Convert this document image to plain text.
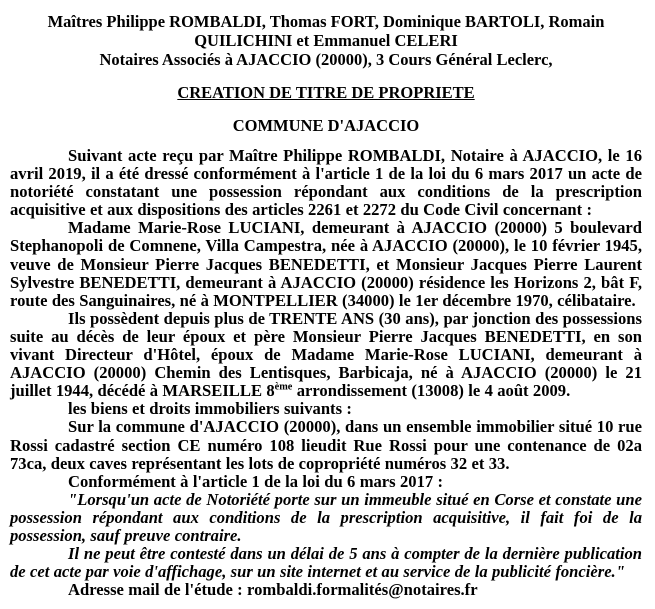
Maîtres Philippe ROMBALDI, Thomas FORT, Dominique BARTOLI, Romain
QUILICHINI et Emmanuel CELERI
Notaires Associés à AJACCIO (20000), 3 Cours Général Leclerc,
CREATION DE TITRE DE PROPRIETE
COMMUNE D'AJACCIO

Suivant acte reçu par Maître Philippe ROMBALDI, Notaire à AJACCIO, le 16 avril 2019, il a été dressé conformément à l'article 1 de la loi du 6 mars 2017 un acte de notoriété constatant une possession répondant aux conditions de la prescription acquisitive et aux dispositions des articles 2261 et 2272 du Code Civil concernant :

Madame Marie-Rose LUCIANI, demeurant à AJACCIO (20000) 5 boulevard Stephanopoli de Comnene, Villa Campestra, née à AJACCIO (20000), le 10 février 1945, veuve de Monsieur Pierre Jacques BENEDETTI, et Monsieur Jacques Pierre Laurent Sylvestre BENEDETTI, demeurant à AJACCIO (20000) résidence les Horizons 2, bât F, route des Sanguinaires, né à MONTPELLIER (34000) le 1er décembre 1970, célibataire.

Ils possèdent depuis plus de TRENTE ANS (30 ans), par jonction des possessions suite au décès de leur époux et père Monsieur Pierre Jacques BENEDETTI, en son vivant Directeur d'Hôtel, époux de Madame Marie-Rose LUCIANI, demeurant à AJACCIO (20000) Chemin des Lentisques, Barbicaja, né à AJACCIO (20000) le 21 juillet 1944, décédé à MARSEILLE 8ème arrondissement (13008) le 4 août 2009.

les biens et droits immobiliers suivants :

Sur la commune d'AJACCIO (20000), dans un ensemble immobilier situé 10 rue Rossi cadastré section CE numéro 108 lieudit Rue Rossi pour une contenance de 02a 73ca, deux caves représentant les lots de copropriété numéros 32 et 33.

Conformément à l'article 1 de la loi du 6 mars 2017 :

"Lorsqu'un acte de Notoriété porte sur un immeuble situé en Corse et constate une possession répondant aux conditions de la prescription acquisitive, il fait foi de la possession, sauf preuve contraire.

Il ne peut être contesté dans un délai de 5 ans à compter de la dernière publication de cet acte par voie d'affichage, sur un site internet et au service de la publicité foncière."

Adresse mail de l'étude : rombaldi.formalités@notaires.fr
